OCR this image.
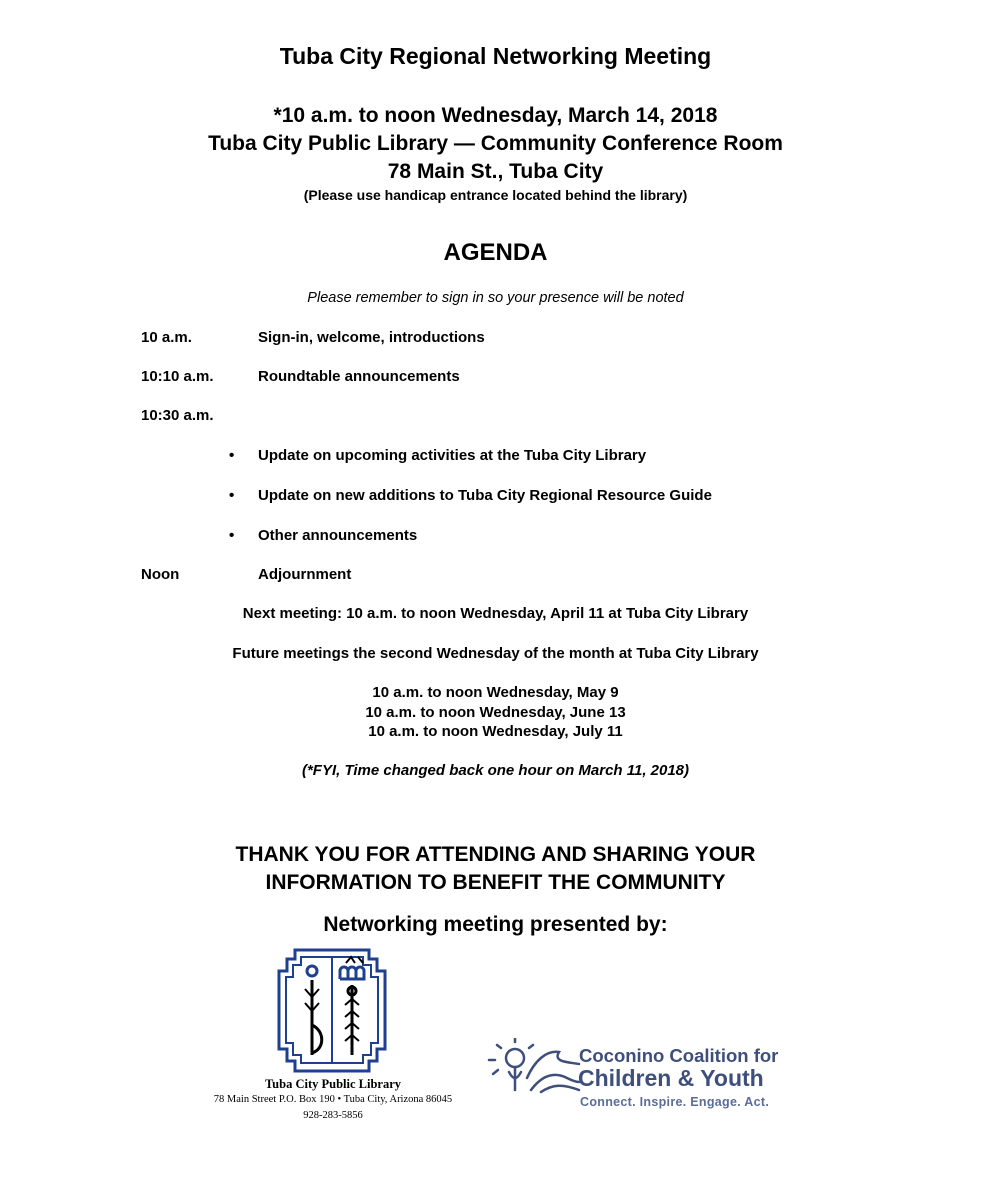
Tuba City Regional Networking Meeting
*10 a.m. to noon Wednesday, March 14, 2018
Tuba City Public Library — Community Conference Room
78 Main St., Tuba City
(Please use handicap entrance located behind the library)
AGENDA
Please remember to sign in so your presence will be noted
10 a.m.	Sign-in, welcome, introductions
10:10 a.m.	Roundtable announcements
10:30 a.m.
• Update on upcoming activities at the Tuba City Library
• Update on new additions to Tuba City Regional Resource Guide
• Other announcements
Noon	Adjournment
Next meeting: 10 a.m. to noon Wednesday, April 11 at Tuba City Library
Future meetings the second Wednesday of the month at Tuba City Library
10 a.m. to noon Wednesday, May 9
10 a.m. to noon Wednesday, June 13
10 a.m. to noon Wednesday, July 11
(*FYI, Time changed back one hour on March 11, 2018)
THANK YOU FOR ATTENDING AND SHARING YOUR
INFORMATION TO BENEFIT THE COMMUNITY
Networking meeting presented by:
Tuba City Public Library
78 Main Street P.O. Box 190 • Tuba City, Arizona 86045
928-283-5856
Coconino Coalition for
Children & Youth
Connect. Inspire. Engage. Act.
